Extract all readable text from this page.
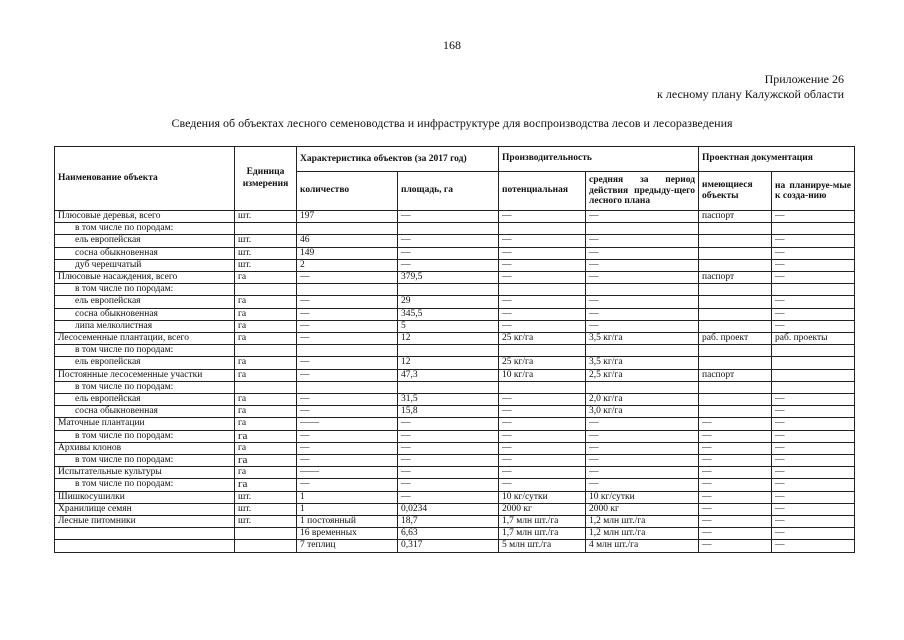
168
Приложение 26
к лесному плану Калужской области
Сведения об объектах лесного семеноводства и инфраструктуре для воспроизводства лесов и лесоразведения
Наименование объекта	Единица измерения	Характеристика объектов (за 2017 год)		Производительность		Проектная документация	
		количество	площадь, га	потенциальная	средняя за период действия предыду-щего лесного плана	имеющиеся объекты	на планируе-мые к созда-нию
Плюсовые деревья, всего	шт.	197	—	—	—	паспорт	—
в том числе по породам:							
ель европейская	шт.	46	—	—	—		—
сосна обыкновенная	шт.	149	—	—	—		—
дуб черешчатый	шт.	2	—	—	—		—
Плюсовые насаждения, всего	га	—	379,5	—	—	паспорт	—
в том числе по породам:							
ель европейская	га	—	29	—	—		—
сосна обыкновенная	га	—	345,5	—	—		—
липа мелколистная	га	—	5	—	—		—
Лесосеменные плантации, всего	га	—	12	25 кг/га	3,5 кг/га	раб. проект	раб. проекты
в том числе по породам:							
ель европейская	га	—	12	25 кг/га	3,5 кг/га		
Постоянные лесосеменные участки	га	—	47,3	10 кг/га	2,5 кг/га	паспорт	
в том числе по породам:							
ель европейская	га	—	31,5	—	2,0 кг/га		—
сосна обыкновенная	га	—	15,8	—	3,0 кг/га		—
Маточные плантации	га	——	—	—	—	—	—
в том числе по породам:	га	—	—	—	—	—	—
Архивы клонов	га	—	—	—	—	—	—
в том числе по породам:	га	—	—	—	—	—	—
Испытательные культуры	га	——	—	—	—	—	—
в том числе по породам:	га	—	—	—	—	—	—
Шишкосушилки	шт.	1	—	10 кг/сутки	10 кг/сутки	—	—
Хранилище семян	шт.	1	0,0234	2000 кг	2000 кг	—	—
Лесные питомники	шт.	1 постоянный	18,7	1,7 млн шт./га	1,2 млн шт./га	—	—
		16 временных	6,63	1,7 млн шт./га	1,2 млн шт./га	—	—
		7 теплиц	0,317	5 млн шт./га	4 млн шт./га	—	—
